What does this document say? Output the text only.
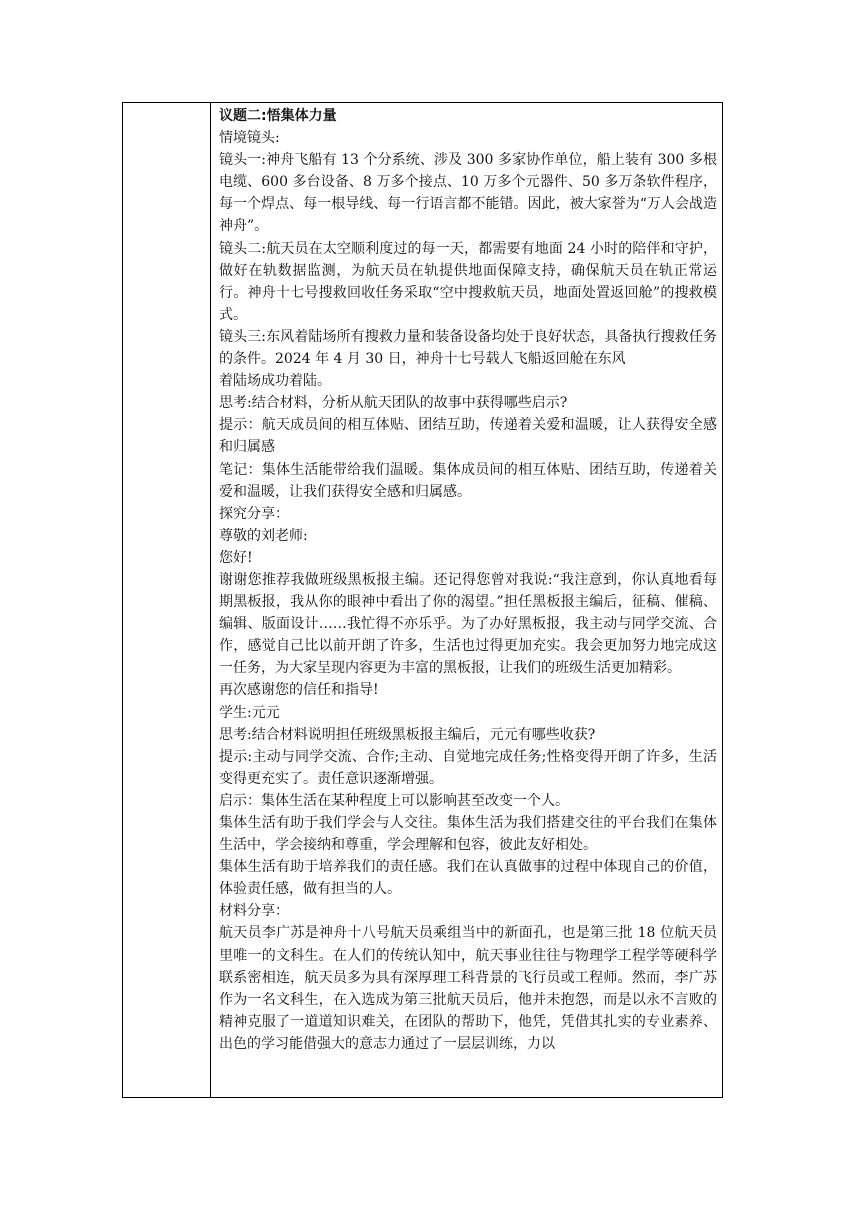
议题二:悟集体力量

情境镜头:

镜头一:神舟飞船有 13 个分系统、涉及 300 多家协作单位，船上装有 300 多根电缆、600 多台设备、8 万多个接点、10 万多个元器件、50 多万条软件程序，每一个焊点、每一根导线、每一行语言都不能错。因此，被大家誉为“万人会战造神舟”。

镜头二:航天员在太空顺利度过的每一天，都需要有地面 24 小时的陪伴和守护，做好在轨数据监测，为航天员在轨提供地面保障支持，确保航天员在轨正常运行。神舟十七号搜救回收任务采取“空中搜救航天员，地面处置返回舱”的搜救模式。

镜头三:东风着陆场所有搜救力量和装备设备均处于良好状态，具备执行搜救任务的条件。2024 年 4 月 30 日，神舟十七号载人飞船返回舱在东风

着陆场成功着陆。

思考:结合材料，分析从航天团队的故事中获得哪些启示?

提示：航天成员间的相互体贴、团结互助，传递着关爱和温暖，让人获得安全感和归属感

笔记：集体生活能带给我们温暖。集体成员间的相互体贴、团结互助，传递着关爱和温暖，让我们获得安全感和归属感。

探究分享：

尊敬的刘老师:

您好!

谢谢您推荐我做班级黑板报主编。还记得您曾对我说:“我注意到，你认真地看每期黑板报，我从你的眼神中看出了你的渴望。”担任黑板报主编后，征稿、催稿、编辑、版面设计……我忙得不亦乐乎。为了办好黑板报，我主动与同学交流、合作，感觉自己比以前开朗了许多，生活也过得更加充实。我会更加努力地完成这一任务，为大家呈现内容更为丰富的黑板报，让我们的班级生活更加精彩。

再次感谢您的信任和指导!

学生:元元

思考:结合材料说明担任班级黑板报主编后，元元有哪些收获?

提示:主动与同学交流、合作;主动、自觉地完成任务;性格变得开朗了许多，生活变得更充实了。责任意识逐渐增强。

启示：集体生活在某种程度上可以影响甚至改变一个人。

集体生活有助于我们学会与人交往。集体生活为我们搭建交往的平台我们在集体生活中，学会接纳和尊重，学会理解和包容，彼此友好相处。

集体生活有助于培养我们的责任感。我们在认真做事的过程中体现自己的价值，体验责任感，做有担当的人。

材料分享：

航天员李广苏是神舟十八号航天员乘组当中的新面孔，也是第三批 18 位航天员里唯一的文科生。在人们的传统认知中，航天事业往往与物理学工程学等硬科学联系密相连，航天员多为具有深厚理工科背景的飞行员或工程师。然而，李广苏作为一名文科生，在入选成为第三批航天员后，他并未抱怨，而是以永不言败的精神克服了一道道知识难关，在团队的帮助下，他凭，凭借其扎实的专业素养、出色的学习能借强大的意志力通过了一层层训练，力以
